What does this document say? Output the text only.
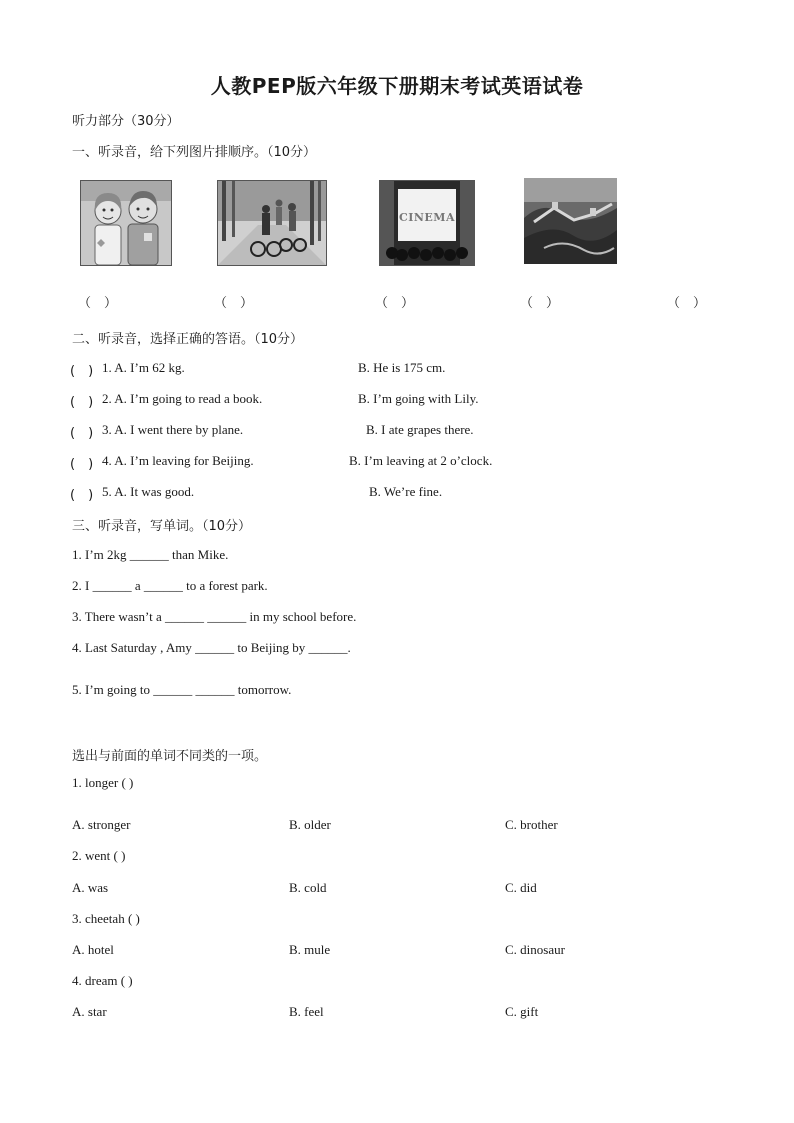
人教PEP版六年级下册期末考试英语试卷
听力部分（30分）
一、听录音，给下列图片排顺序。（10分）
CINEMA
（　）	（　）	（　）	（　）	（　）
二、听录音，选择正确的答语。（10分）
(　) 1. A. I’m 62 kg.	B. He is 175 cm.
(　) 2. A. I’m going to read a book.	B. I’m going with Lily.
(　) 3. A. I went there by plane.	B. I ate grapes there.
(　) 4. A. I’m leaving for Beijing.	B. I’m leaving at 2 o’clock.
(　) 5. A. It was good.	B. We’re fine.
三、听录音，写单词。（10分）
1. I’m 2kg ______ than Mike.
2. I ______ a ______ to a forest park.
3. There wasn’t a ______ ______ in my school before.
4. Last Saturday , Amy ______ to Beijing by ______.
5. I’m going to ______ ______ tomorrow.
选出与前面的单词不同类的一项。
1. longer ( )
A. stronger	B. older	C. brother
2. went ( )
A. was	B. cold	C. did
3. cheetah ( )
A. hotel	B. mule	C. dinosaur
4. dream ( )
A. star	B. feel	C. gift
